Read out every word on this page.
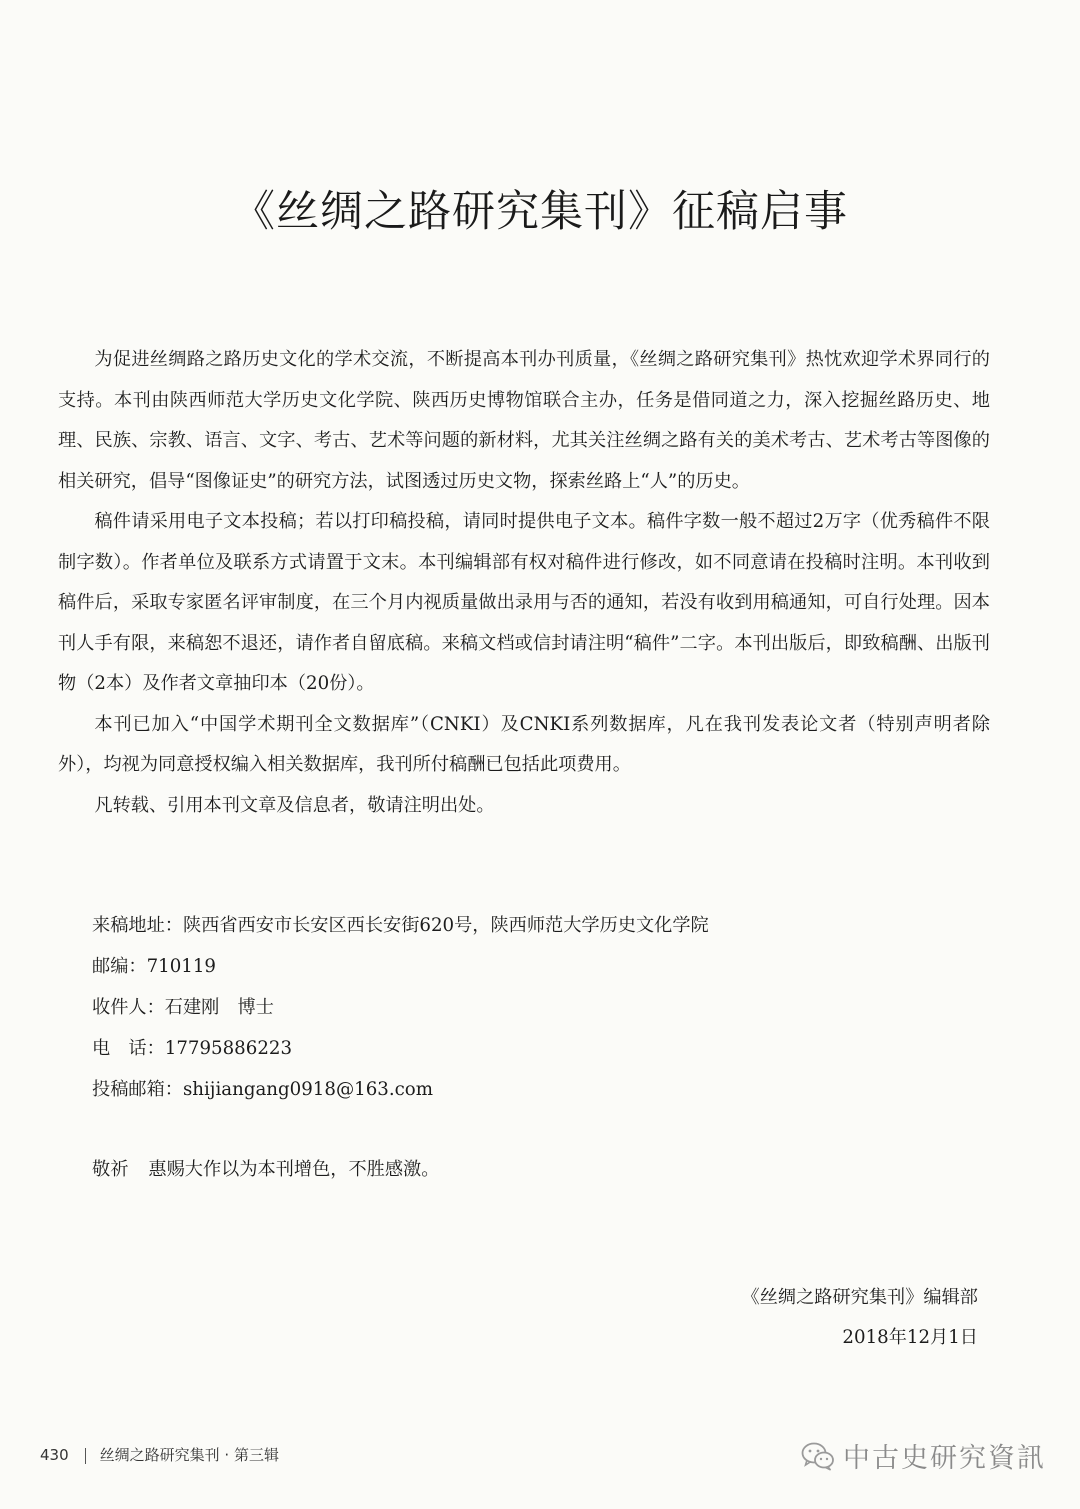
《丝绸之路研究集刊》征稿启事

为促进丝绸路之路历史文化的学术交流，不断提高本刊办刊质量，《丝绸之路研究集刊》热忱欢迎学术界同行的支持。本刊由陕西师范大学历史文化学院、陕西历史博物馆联合主办，任务是借同道之力，深入挖掘丝路历史、地理、民族、宗教、语言、文字、考古、艺术等问题的新材料，尤其关注丝绸之路有关的美术考古、艺术考古等图像的相关研究，倡导“图像证史”的研究方法，试图透过历史文物，探索丝路上“人”的历史。

稿件请采用电子文本投稿；若以打印稿投稿，请同时提供电子文本。稿件字数一般不超过2万字（优秀稿件不限制字数）。作者单位及联系方式请置于文末。本刊编辑部有权对稿件进行修改，如不同意请在投稿时注明。本刊收到稿件后，采取专家匿名评审制度，在三个月内视质量做出录用与否的通知，若没有收到用稿通知，可自行处理。因本刊人手有限，来稿恕不退还，请作者自留底稿。来稿文档或信封请注明“稿件”二字。本刊出版后，即致稿酬、出版刊物（2本）及作者文章抽印本（20份）。

本刊已加入“中国学术期刊全文数据库”（CNKI）及CNKI系列数据库，凡在我刊发表论文者（特别声明者除外），均视为同意授权编入相关数据库，我刊所付稿酬已包括此项费用。

凡转载、引用本刊文章及信息者，敬请注明出处。

来稿地址：陕西省西安市长安区西长安街620号，陕西师范大学历史文化学院
邮编：710119
收件人：石建刚　博士
电　话：17795886223
投稿邮箱：shijiangang0918@163.com
敬祈 惠赐大作以为本刊增色，不胜感激。
《丝绸之路研究集刊》编辑部
2018年12月1日
430 丝绸之路研究集刊 · 第三辑	中古史研究資訊
